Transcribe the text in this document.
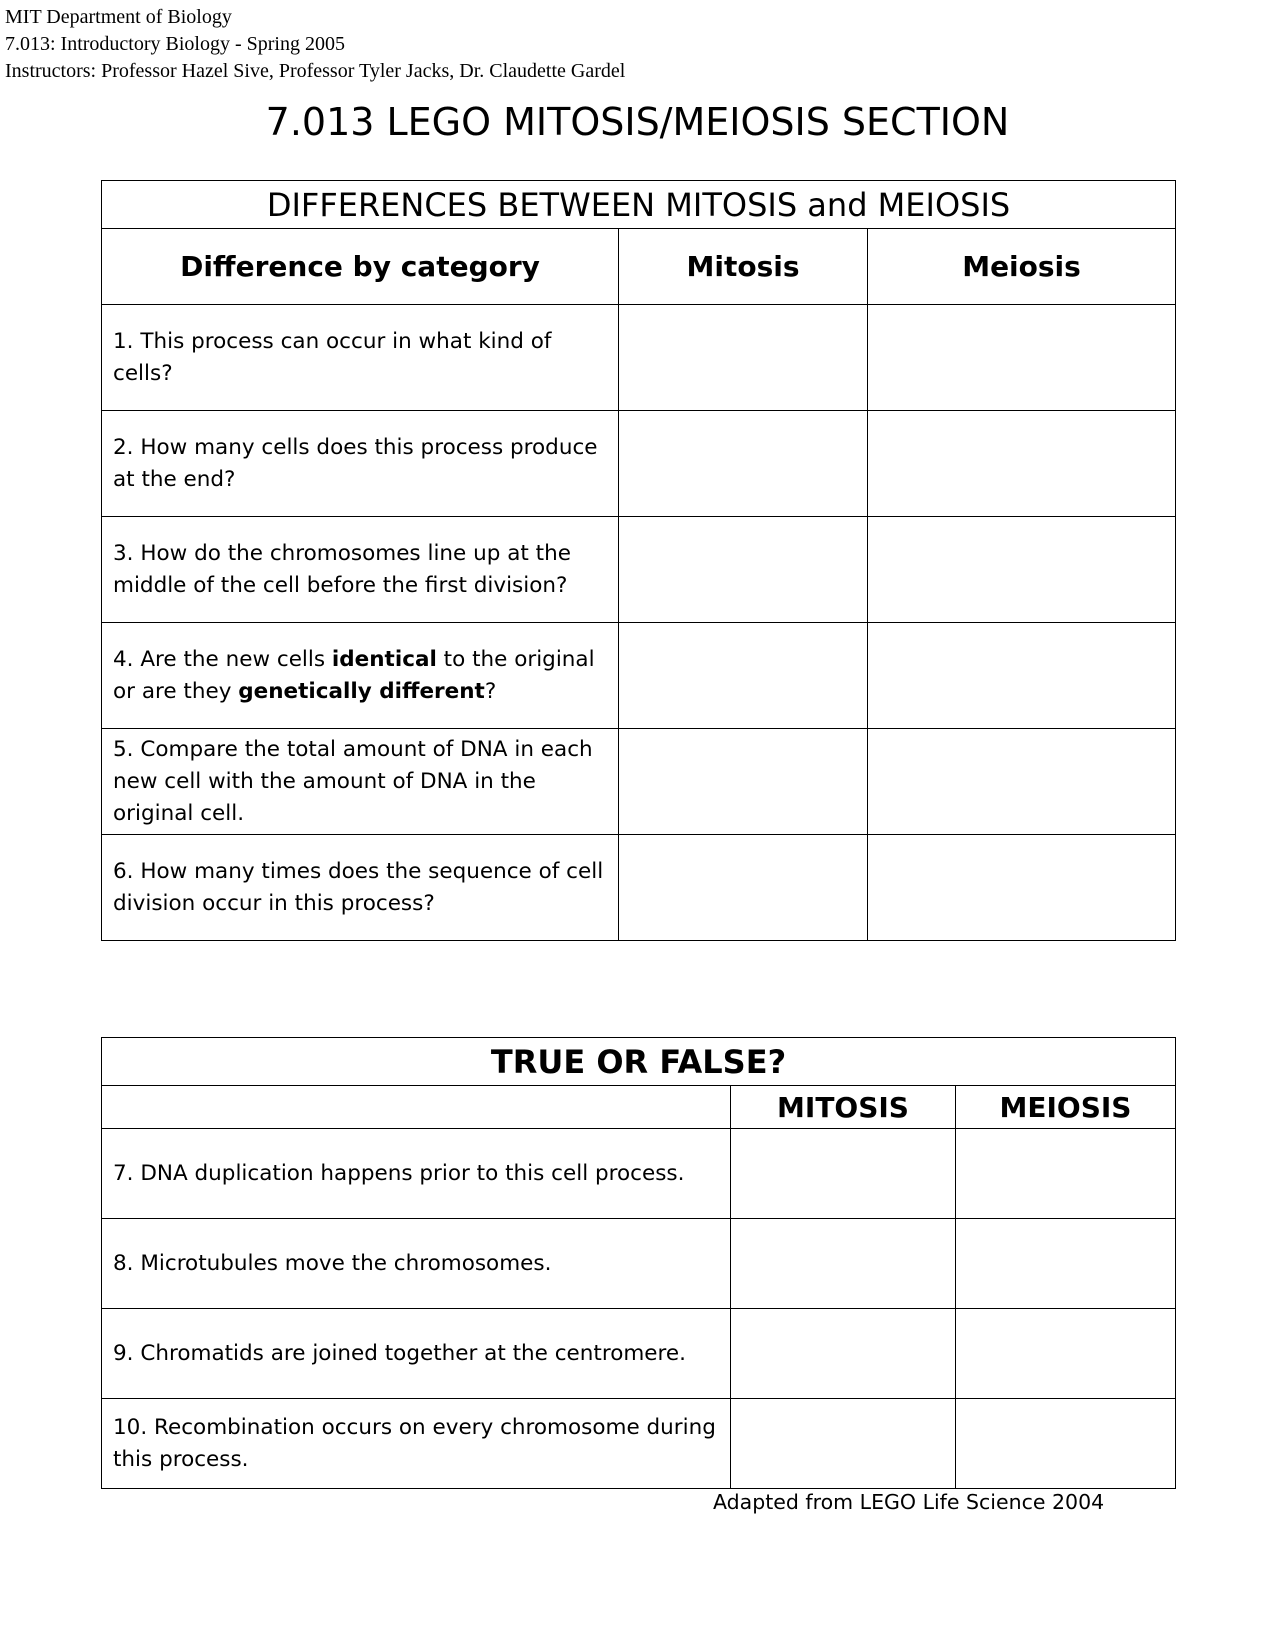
MIT Department of Biology
7.013: Introductory Biology - Spring 2005
Instructors: Professor Hazel Sive, Professor Tyler Jacks, Dr. Claudette Gardel
7.013 LEGO MITOSIS/MEIOSIS SECTION
DIFFERENCES BETWEEN MITOSIS and MEIOSIS		
Difference by category	Mitosis	Meiosis
1. This process can occur in what kind of cells?		
2. How many cells does this process produce at the end?		
3. How do the chromosomes line up at the middle of the cell before the first division?		
4. Are the new cells identical to the original or are they genetically different?		
5. Compare the total amount of DNA in each new cell with the amount of DNA in the original cell.		
6. How many times does the sequence of cell division occur in this process?		
TRUE OR FALSE?		
	MITOSIS	MEIOSIS
7. DNA duplication happens prior to this cell process.		
8. Microtubules move the chromosomes.		
9. Chromatids are joined together at the centromere.		
10. Recombination occurs on every chromosome during this process.		
Adapted from LEGO Life Science 2004
